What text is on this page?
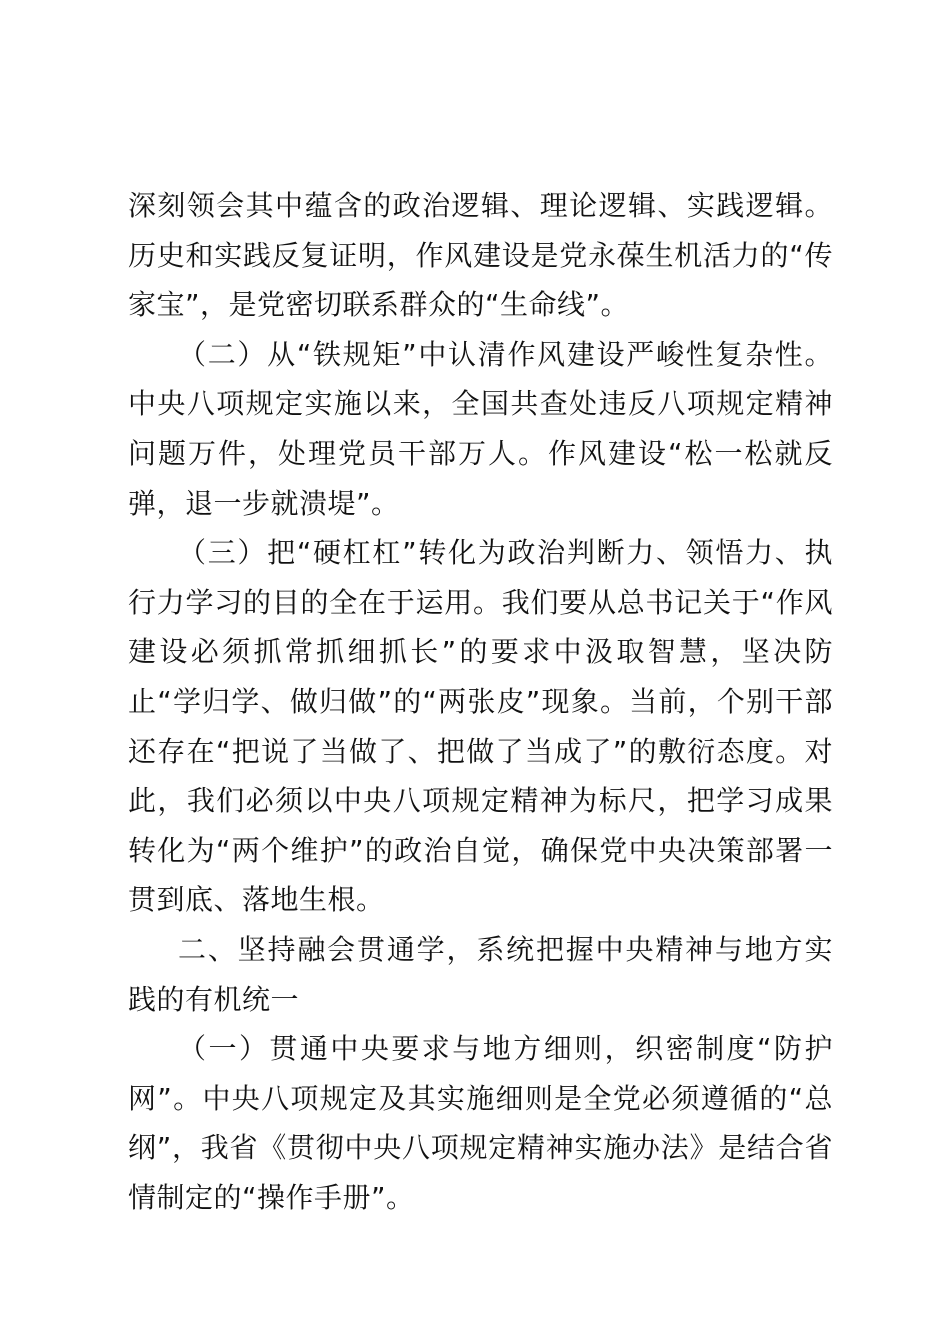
深刻领会其中蕴含的政治逻辑、理论逻辑、实践逻辑。历史和实践反复证明，作风建设是党永葆生机活力的“传家宝”，是党密切联系群众的“生命线”。

（二）从“铁规矩”中认清作风建设严峻性复杂性。中央八项规定实施以来，全国共查处违反八项规定精神问题万件，处理党员干部万人。作风建设“松一松就反弹，退一步就溃堤”。

（三）把“硬杠杠”转化为政治判断力、领悟力、执行力学习的目的全在于运用。我们要从总书记关于“作风建设必须抓常抓细抓长”的要求中汲取智慧，坚决防止“学归学、做归做”的“两张皮”现象。当前，个别干部还存在“把说了当做了、把做了当成了”的敷衍态度。对此，我们必须以中央八项规定精神为标尺，把学习成果转化为“两个维护”的政治自觉，确保党中央决策部署一贯到底、落地生根。

二、坚持融会贯通学，系统把握中央精神与地方实践的有机统一

（一）贯通中央要求与地方细则，织密制度“防护网”。中央八项规定及其实施细则是全党必须遵循的“总纲”，我省《贯彻中央八项规定精神实施办法》是结合省情制定的“操作手册”。
